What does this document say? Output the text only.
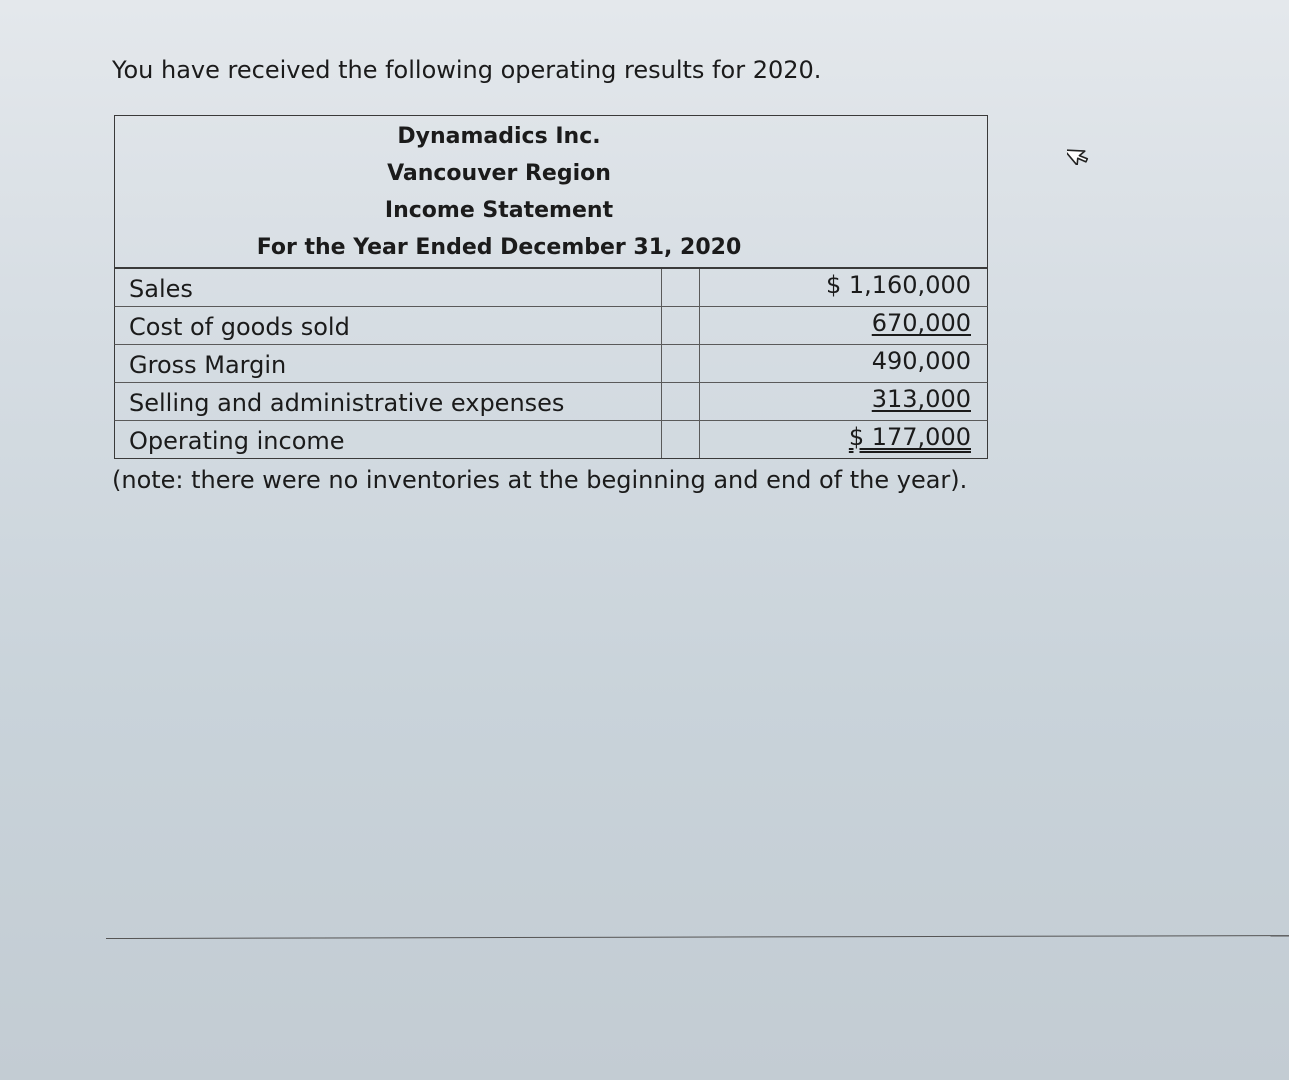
You have received the following operating results for 2020.
Dynamadics Inc.
Vancouver Region
Income Statement
For the Year Ended December 31, 2020
Sales	$ 1,160,000
Cost of goods sold	670,000
Gross Margin	490,000
Selling and administrative expenses	313,000
Operating income	$ 177,000
(note: there were no inventories at the beginning and end of the year).
